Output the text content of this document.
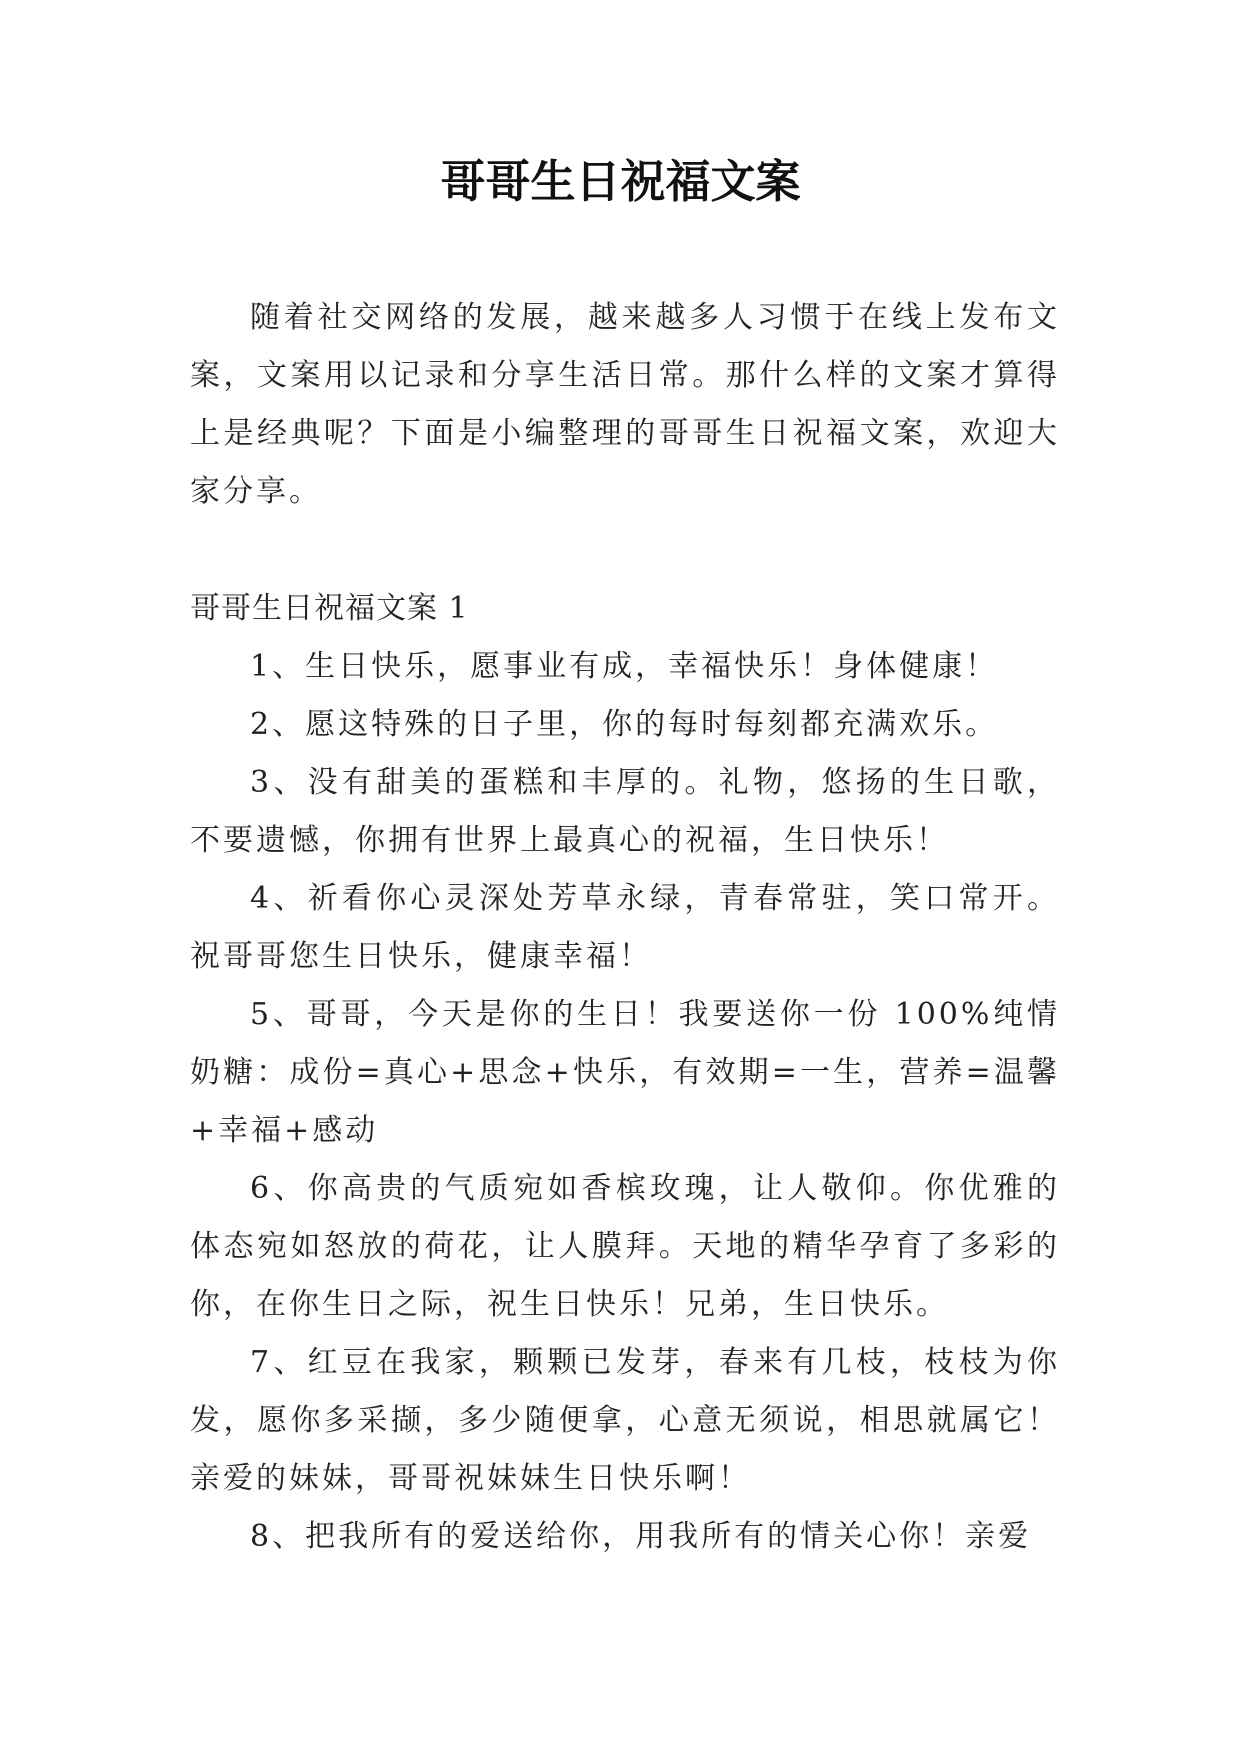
哥哥生日祝福文案

随着社交网络的发展，越来越多人习惯于在线上发布文案，文案用以记录和分享生活日常。那什么样的文案才算得上是经典呢？下面是小编整理的哥哥生日祝福文案，欢迎大家分享。

哥哥生日祝福文案 1

1、生日快乐，愿事业有成，幸福快乐！身体健康！

2、愿这特殊的日子里，你的每时每刻都充满欢乐。

3、没有甜美的蛋糕和丰厚的。礼物，悠扬的生日歌，不要遗憾，你拥有世界上最真心的祝福，生日快乐！

4、祈看你心灵深处芳草永绿，青春常驻，笑口常开。祝哥哥您生日快乐，健康幸福！

5、哥哥，今天是你的生日！我要送你一份 100%纯情奶糖：成份=真心+思念+快乐，有效期=一生，营养=温馨+幸福+感动

6、你高贵的气质宛如香槟玫瑰，让人敬仰。你优雅的体态宛如怒放的荷花，让人膜拜。天地的精华孕育了多彩的你，在你生日之际，祝生日快乐！兄弟，生日快乐。

7、红豆在我家，颗颗已发芽，春来有几枝，枝枝为你发，愿你多采撷，多少随便拿，心意无须说，相思就属它！亲爱的妹妹，哥哥祝妹妹生日快乐啊！

8、把我所有的爱送给你，用我所有的情关心你！亲爱
